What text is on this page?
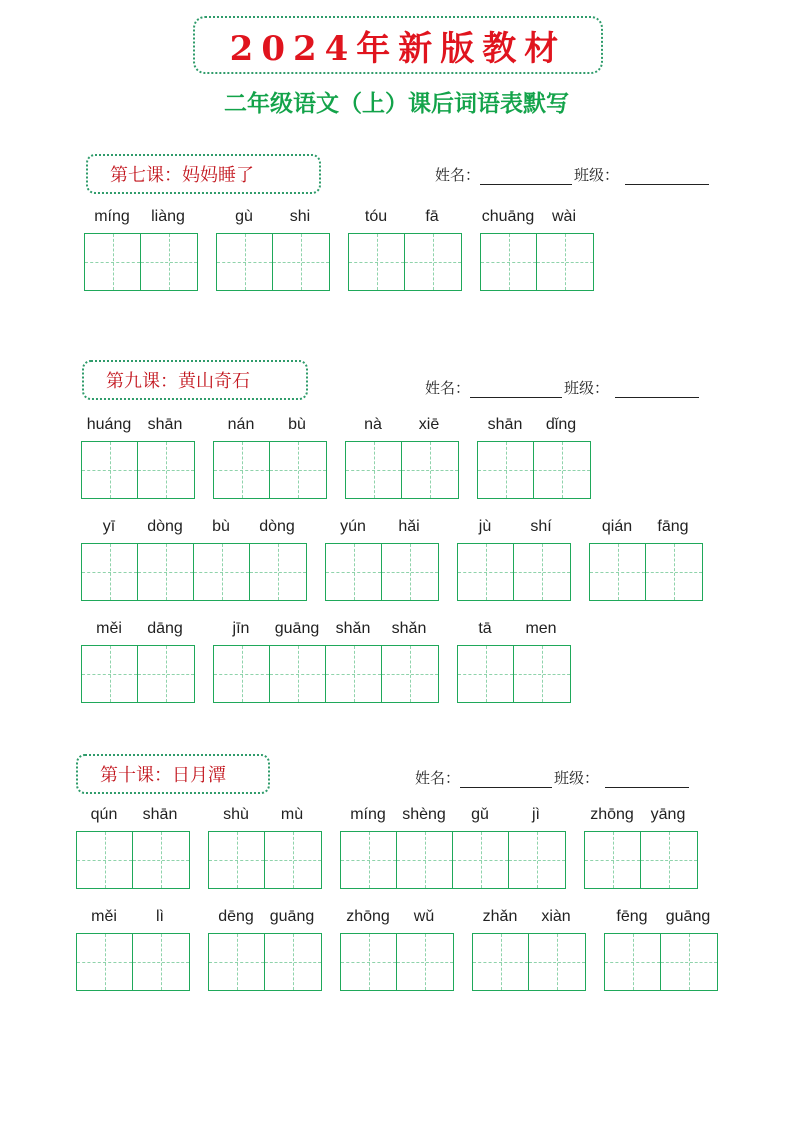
2024年新版教材
二年级语文（上）课后词语表默写
第七课：妈妈睡了	姓名：	班级：
第九课：黄山奇石	姓名：	班级：
第十课：日月潭	姓名：	班级：
míng	liàng	gù	shi	tóu	fā	chuāng	wài
huáng	shān	nán	bù	nà	xiē	shān	dǐng
yī	dòng	bù	dòng	yún	hǎi	jù	shí	qián	fāng
měi	dāng	jīn	guāng	shǎn	shǎn	tā	men
qún	shān	shù	mù	míng	shèng	gǔ	jì	zhōng	yāng
měi	lì	dēng guāng	zhōng	wǔ	zhǎn	xiàn	fēng	guāng
